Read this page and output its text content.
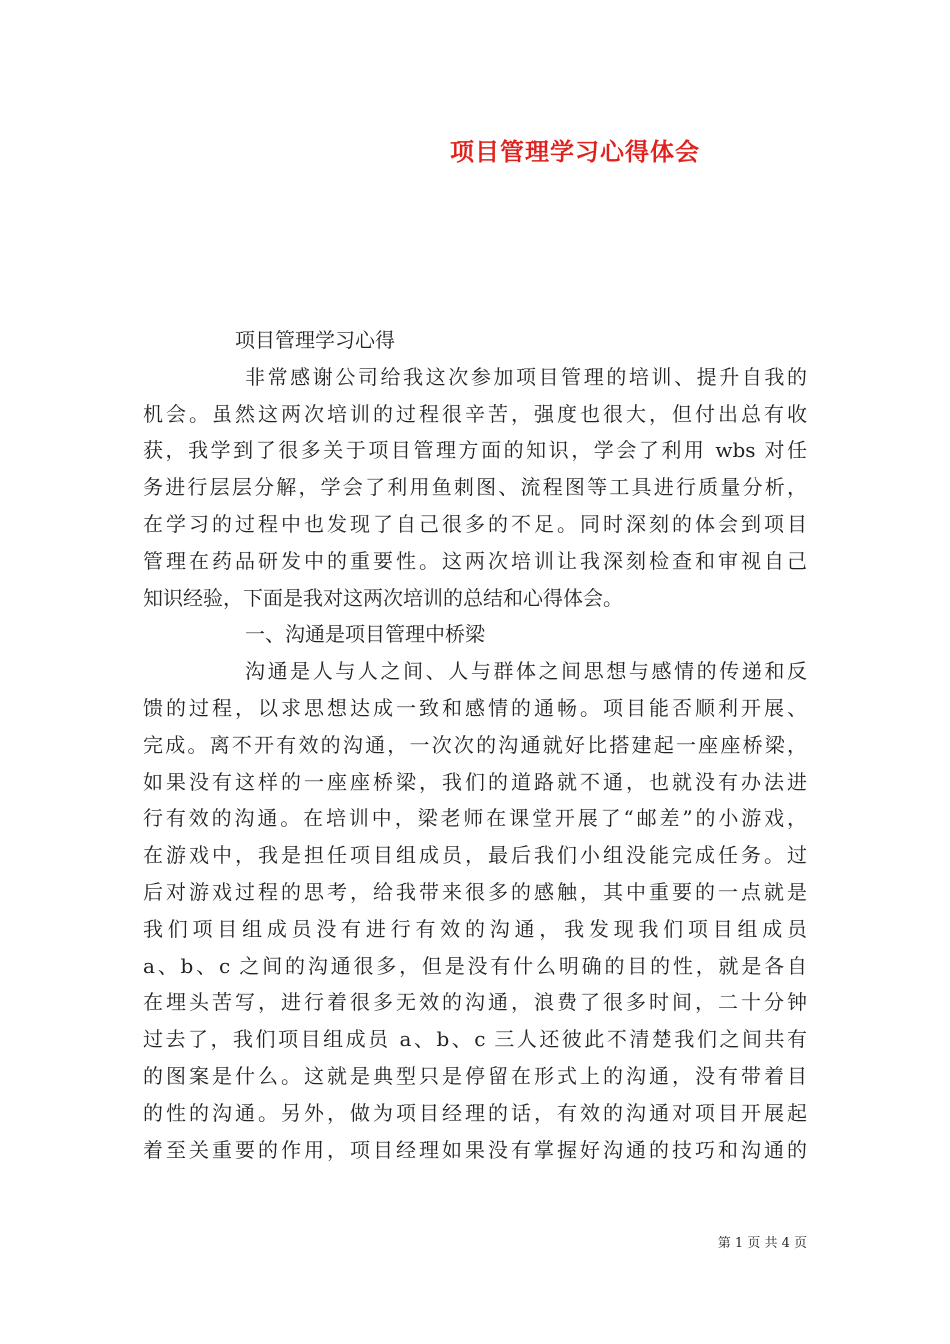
项目管理学习心得体会
项目管理学习心得
非常感谢公司给我这次参加项目管理的培训、提升自我的
机会。虽然这两次培训的过程很辛苦，强度也很大，但付出总有收
获，我学到了很多关于项目管理方面的知识，学会了利用 wbs 对任
务进行层层分解，学会了利用鱼刺图、流程图等工具进行质量分析，
在学习的过程中也发现了自己很多的不足。同时深刻的体会到项目
管理在药品研发中的重要性。这两次培训让我深刻检查和审视自己
知识经验，下面是我对这两次培训的总结和心得体会。
一、沟通是项目管理中桥梁
沟通是人与人之间、人与群体之间思想与感情的传递和反
馈的过程，以求思想达成一致和感情的通畅。项目能否顺利开展、
完成。离不开有效的沟通，一次次的沟通就好比搭建起一座座桥梁，
如果没有这样的一座座桥梁，我们的道路就不通，也就没有办法进
行有效的沟通。在培训中，梁老师在课堂开展了“邮差”的小游戏，
在游戏中，我是担任项目组成员，最后我们小组没能完成任务。过
后对游戏过程的思考，给我带来很多的感触，其中重要的一点就是
我们项目组成员没有进行有效的沟通，我发现我们项目组成员
a、b、c 之间的沟通很多，但是没有什么明确的目的性，就是各自
在埋头苦写，进行着很多无效的沟通，浪费了很多时间，二十分钟
过去了，我们项目组成员 a、b、c 三人还彼此不清楚我们之间共有
的图案是什么。这就是典型只是停留在形式上的沟通，没有带着目
的性的沟通。另外，做为项目经理的话，有效的沟通对项目开展起
着至关重要的作用，项目经理如果没有掌握好沟通的技巧和沟通的
第 1 页 共 4 页
